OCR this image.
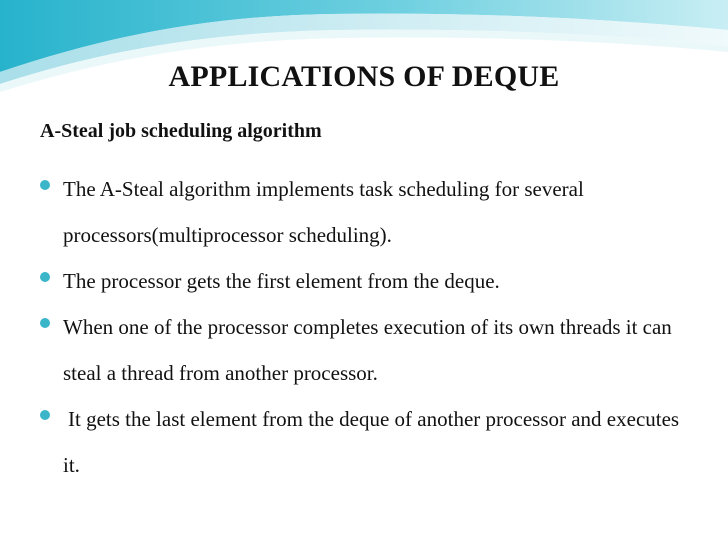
APPLICATIONS OF DEQUE
A-Steal job scheduling algorithm
The A-Steal algorithm implements task scheduling for several processors(multiprocessor scheduling).
The processor gets the first element from the deque.
When one of the processor completes execution of its own threads it can steal a thread from another processor.
It gets the last element from the deque of another processor and executes it.
